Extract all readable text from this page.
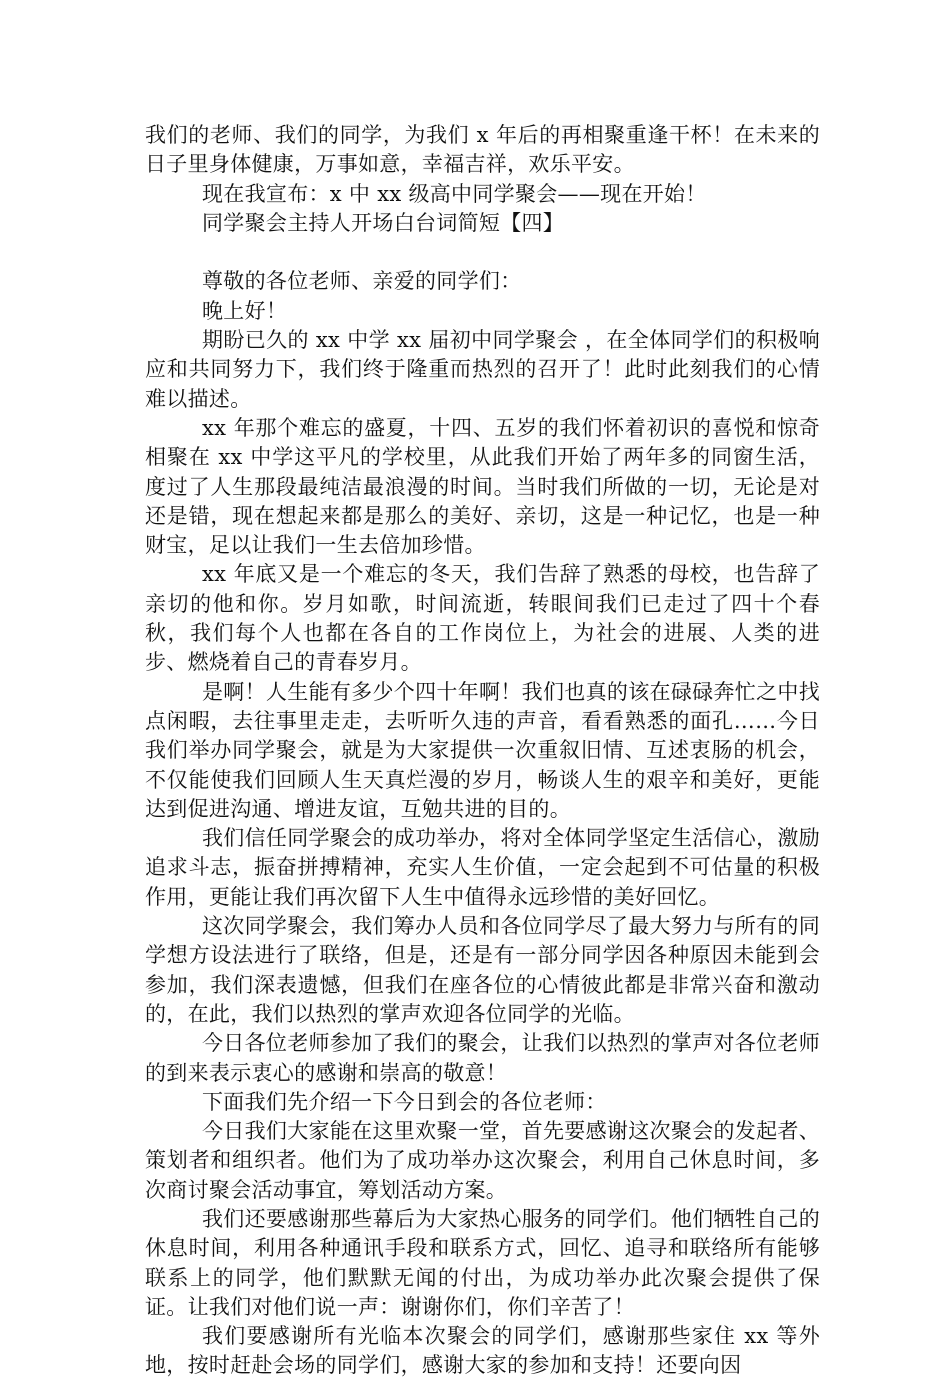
我们的老师、我们的同学，为我们 x 年后的再相聚重逢干杯！在未来的日子里身体健康，万事如意，幸福吉祥，欢乐平安。

现在我宣布：x 中 xx 级高中同学聚会——现在开始！

同学聚会主持人开场白台词简短【四】

尊敬的各位老师、亲爱的同学们：

晚上好！

期盼已久的 xx 中学 xx 届初中同学聚会 ，在全体同学们的积极响应和共同努力下，我们终于隆重而热烈的召开了！此时此刻我们的心情难以描述。

xx 年那个难忘的盛夏，十四、五岁的我们怀着初识的喜悦和惊奇相聚在 xx 中学这平凡的学校里，从此我们开始了两年多的同窗生活，度过了人生那段最纯洁最浪漫的时间。当时我们所做的一切，无论是对还是错，现在想起来都是那么的美好、亲切，这是一种记忆，也是一种财宝，足以让我们一生去倍加珍惜。

xx 年底又是一个难忘的冬天，我们告辞了熟悉的母校，也告辞了亲切的他和你。岁月如歌，时间流逝，转眼间我们已走过了四十个春秋，我们每个人也都在各自的工作岗位上，为社会的进展、人类的进步、燃烧着自己的青春岁月。

是啊！人生能有多少个四十年啊！我们也真的该在碌碌奔忙之中找点闲暇，去往事里走走，去听听久违的声音，看看熟悉的面孔……今日我们举办同学聚会，就是为大家提供一次重叙旧情、互述衷肠的机会，不仅能使我们回顾人生天真烂漫的岁月，畅谈人生的艰辛和美好，更能达到促进沟通、增进友谊，互勉共进的目的。

我们信任同学聚会的成功举办，将对全体同学坚定生活信心，激励追求斗志，振奋拼搏精神，充实人生价值，一定会起到不可估量的积极作用，更能让我们再次留下人生中值得永远珍惜的美好回忆。

这次同学聚会，我们筹办人员和各位同学尽了最大努力与所有的同学想方设法进行了联络，但是，还是有一部分同学因各种原因未能到会参加，我们深表遗憾，但我们在座各位的心情彼此都是非常兴奋和激动的，在此，我们以热烈的掌声欢迎各位同学的光临。

今日各位老师参加了我们的聚会，让我们以热烈的掌声对各位老师的到来表示衷心的感谢和崇高的敬意！

下面我们先介绍一下今日到会的各位老师：

今日我们大家能在这里欢聚一堂，首先要感谢这次聚会的发起者、策划者和组织者。他们为了成功举办这次聚会，利用自己休息时间，多次商讨聚会活动事宜，筹划活动方案。

我们还要感谢那些幕后为大家热心服务的同学们。他们牺牲自己的休息时间，利用各种通讯手段和联系方式，回忆、追寻和联络所有能够联系上的同学，他们默默无闻的付出，为成功举办此次聚会提供了保证。让我们对他们说一声：谢谢你们，你们辛苦了！

我们要感谢所有光临本次聚会的同学们，感谢那些家住 xx 等外地，按时赶赴会场的同学们，感谢大家的参加和支持！还要向因
